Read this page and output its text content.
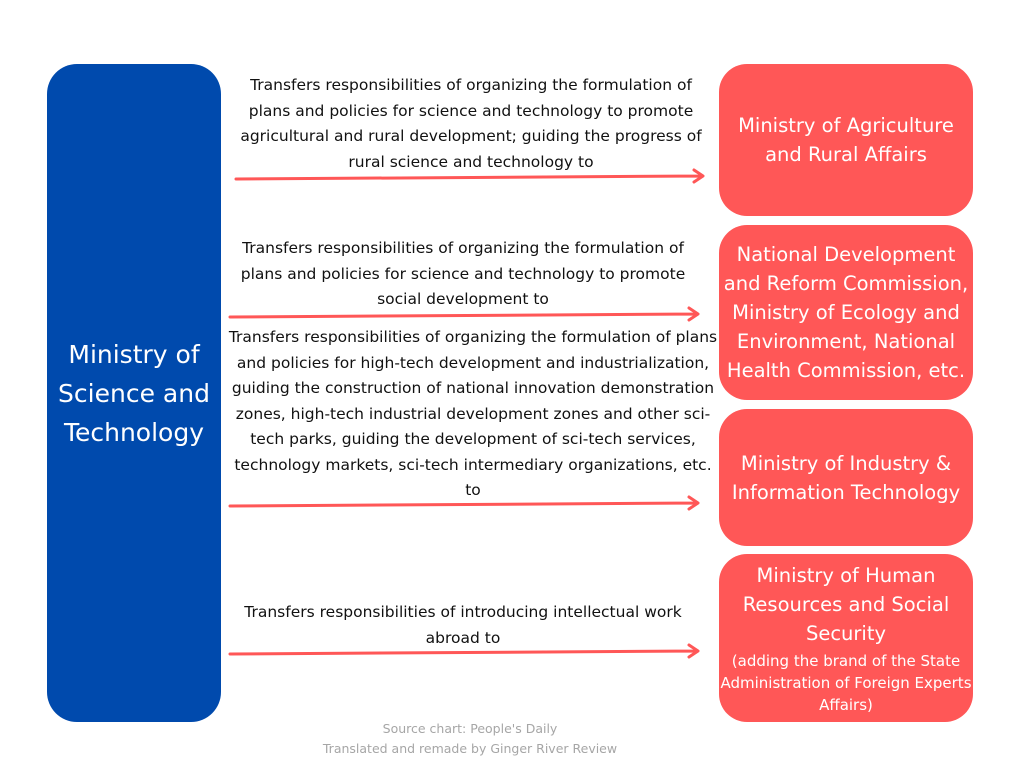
Ministry of Science and Technology
Transfers responsibilities of organizing the formulation of plans and policies for science and technology to promote agricultural and rural development; guiding the progress of rural science and technology to
Transfers responsibilities of organizing the formulation of plans and policies for science and technology to promote social development to
Transfers responsibilities of organizing the formulation of plans and policies for high-tech development and industrialization, guiding the construction of national innovation demonstration zones, high-tech industrial development zones and other sci-tech parks, guiding the development of sci-tech services, technology markets, sci-tech intermediary organizations, etc. to
Transfers responsibilities of introducing intellectual work abroad to
Ministry of Agriculture and Rural Affairs
National Development and Reform Commission, Ministry of Ecology and Environment, National Health Commission, etc.
Ministry of Industry & Information Technology
Ministry of Human Resources and Social Security
(adding the brand of the State Administration of Foreign Experts Affairs)
Source chart: People's Daily
Translated and remade by Ginger River Review
